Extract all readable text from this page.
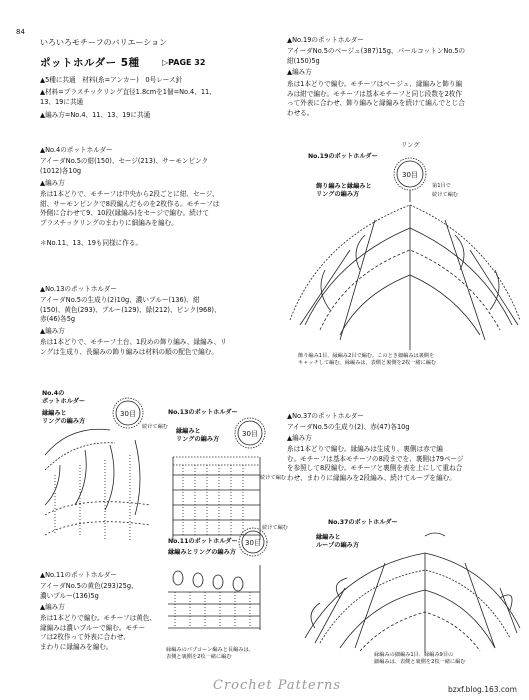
84
いろいろモチーフのバリエーション
ポットホルダー 5種	▷PAGE 32
▲5種に共通　材料(糸=アンカー)　0号レース針
▲材料=プラスチックリング直径1.8cmを1個=No.4、11、
13、19に共通
▲編み方=No.4、11、13、19に共通
▲No.4のポットホルダー
アイーダNo.5の紺(150)、セージ(213)、サーモンピンク
(1012)各10g
▲編み方
糸は1本どりで、モチーフは中央から2段ごとに紺、セージ、
紺、サーモンピンクで8段編んだものを2枚作る。モチーフは
外側に合わせて9、10段(縁編み)をセージで編む。続けて
プラスチックリングのまわりに細編みを編む。
＊No.11、13、19も同様に作る。
▲No.13のポットホルダー
アイーダNo.5の生成り(2)10g、濃いブルー(136)、紺
(150)、黄色(293)、ブルー(129)、緑(212)、ピンク(968)、
赤(46)各5g
▲編み方
糸は1本どりで、モチーフ土台、1段めの飾り編み、縁編み、リ
ングは生成り、長編みの飾り編みは材料の順の配色で編む。
▲No.19のポットホルダー
アイーダNo.5のベージュ(387)15g、パールコットンNo.5の
紺(150)5g
▲編み方
糸は1本どりで編む。モチーフはベージュ、縁編みと飾り編
みは紺で編む。モチーフは基本モチーフと同じ段数を2枚作
って外表に合わせ、飾り編みと縁編みを続けて編んでとじ合
わせる。
▲No.37のポットホルダー
アイーダNo.5の生成り(2)、赤(47)各10g
▲編み方
糸は1本どりで編む。縁編みは生成り、裏側は赤で編
む。モチーフは基本モチーフの8段までを、裏側は79ページ
を参照して8段編む。モチーフと裏側を表を上にして重ね合
わせ、まわりに縁編みを2段編み、続けてループを編む。
▲No.11のポットホルダー
アイーダNo.5の黄色(293)25g、
濃いブルー(136)5g
▲編み方
糸は1本どりで編む。モチーフは黄色、
縁編みは濃いブルーで編む。モチー
フは2枚作って外表に合わせ、
まわりに縁編みを編む。
No.19のポットホルダー
リング
飾り編みと縁編みと
リングの編み方
第1目で
続けて編む
30目
飾り編み1目、縁編み2目で編む。このとき細編みは裏側を
キャッチして編む。縁編みは、表側と裏側を2枚一緒に編む
No.4の
ポットホルダー
縁編みと
リングの編み方
続けて編む
30目	No.13のポットホルダー
縁編みと
リングの編み方
続けて編む
30目
No.11のポットホルダー
縁編みとリングの編み方
続けて編む
30目
縁編みのパプコーン編みと長編みは、
表側と裏側を2枚一緒に編む
No.37のポットホルダー
縁編みと
ループの編み方
縁編みの細編み1目、縁編み9目の
細編みは、表側と裏側を2枚一緒に編む
Crochet Patterns	bzxf.blog.163.com
